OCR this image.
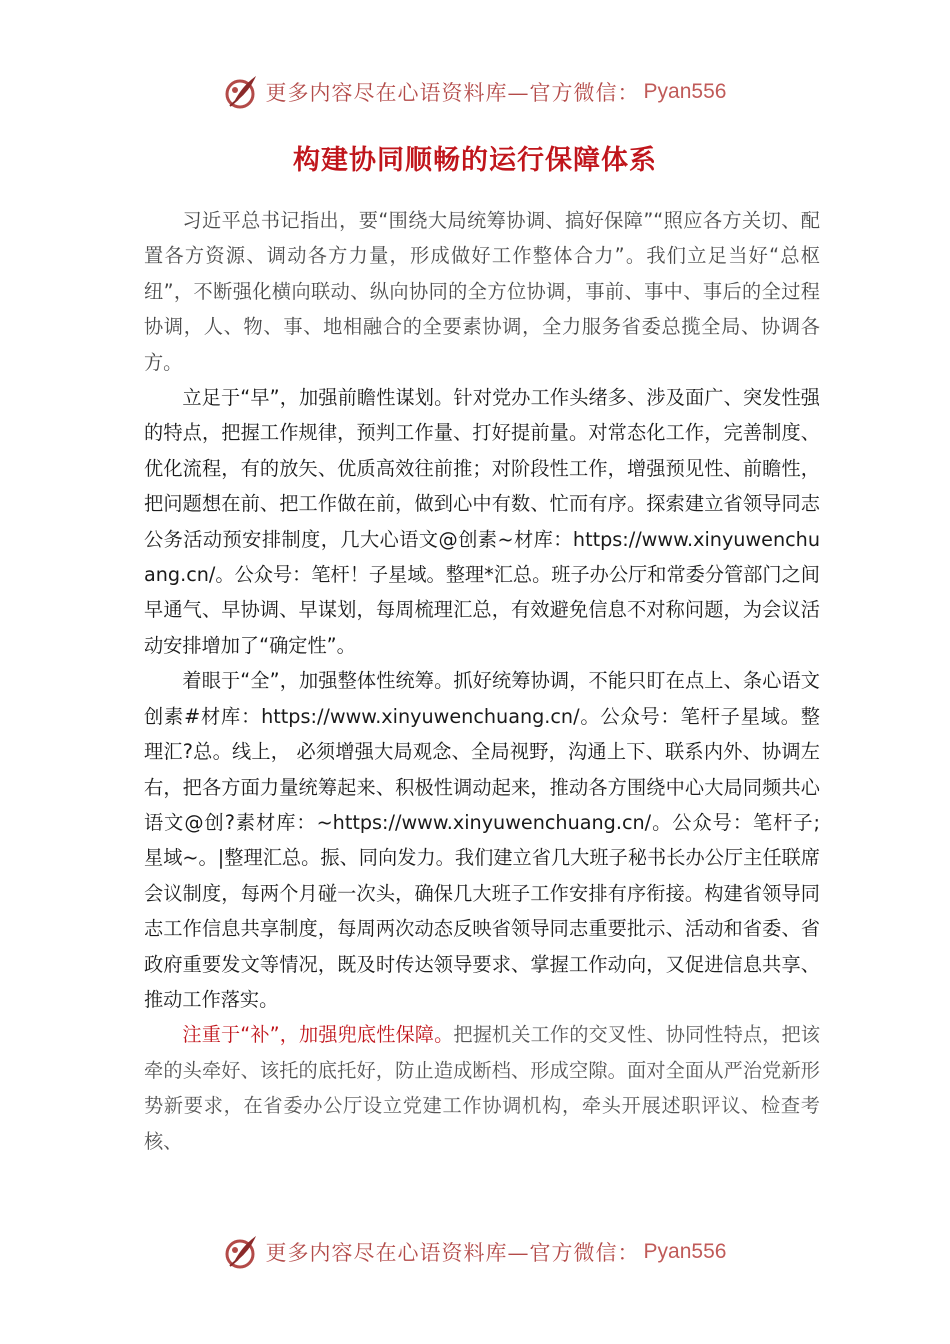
更多内容尽在心语资料库—官方微信： Pyan556
构建协同顺畅的运行保障体系

习近平总书记指出，要“围绕大局统筹协调、搞好保障”“照应各方关切、配置各方资源、调动各方力量，形成做好工作整体合力”。我们立足当好“总枢纽”，不断强化横向联动、纵向协同的全方位协调，事前、事中、事后的全过程协调，人、物、事、地相融合的全要素协调，全力服务省委总揽全局、协调各方。

立足于“早”，加强前瞻性谋划。针对党办工作头绪多、涉及面广、突发性强的特点，把握工作规律，预判工作量、打好提前量。对常态化工作，完善制度、优化流程，有的放矢、优质高效往前推；对阶段性工作，增强预见性、前瞻性，把问题想在前、把工作做在前，做到心中有数、忙而有序。探索建立省领导同志公务活动预安排制度，几大心语文@创素~材库：https://www.xinyuwenchuang.cn/。公众号：笔杆！子星域。整理*汇总。班子办公厅和常委分管部门之间早通气、早协调、早谋划，每周梳理汇总，有效避免信息不对称问题，为会议活动安排增加了“确定性”。

着眼于“全”，加强整体性统筹。抓好统筹协调，不能只盯在点上、条心语文创素#材库：https://www.xinyuwenchuang.cn/。公众号：笔杆子星域。整理汇?总。线上， 必须增强大局观念、全局视野，沟通上下、联系内外、协调左右，把各方面力量统筹起来、积极性调动起来，推动各方围绕中心大局同频共心语文@创?素材库：~https://www.xinyuwenchuang.cn/。公众号：笔杆子;星域~。|整理汇总。振、同向发力。我们建立省几大班子秘书长办公厅主任联席会议制度，每两个月碰一次头，确保几大班子工作安排有序衔接。构建省领导同志工作信息共享制度，每周两次动态反映省领导同志重要批示、活动和省委、省政府重要发文等情况，既及时传达领导要求、掌握工作动向，又促进信息共享、推动工作落实。

注重于“补”，加强兜底性保障。把握机关工作的交叉性、协同性特点，把该牵的头牵好、该托的底托好，防止造成断档、形成空隙。面对全面从严治党新形势新要求，在省委办公厅设立党建工作协调机构，牵头开展述职评议、检查考核、

更多内容尽在心语资料库—官方微信： Pyan556
